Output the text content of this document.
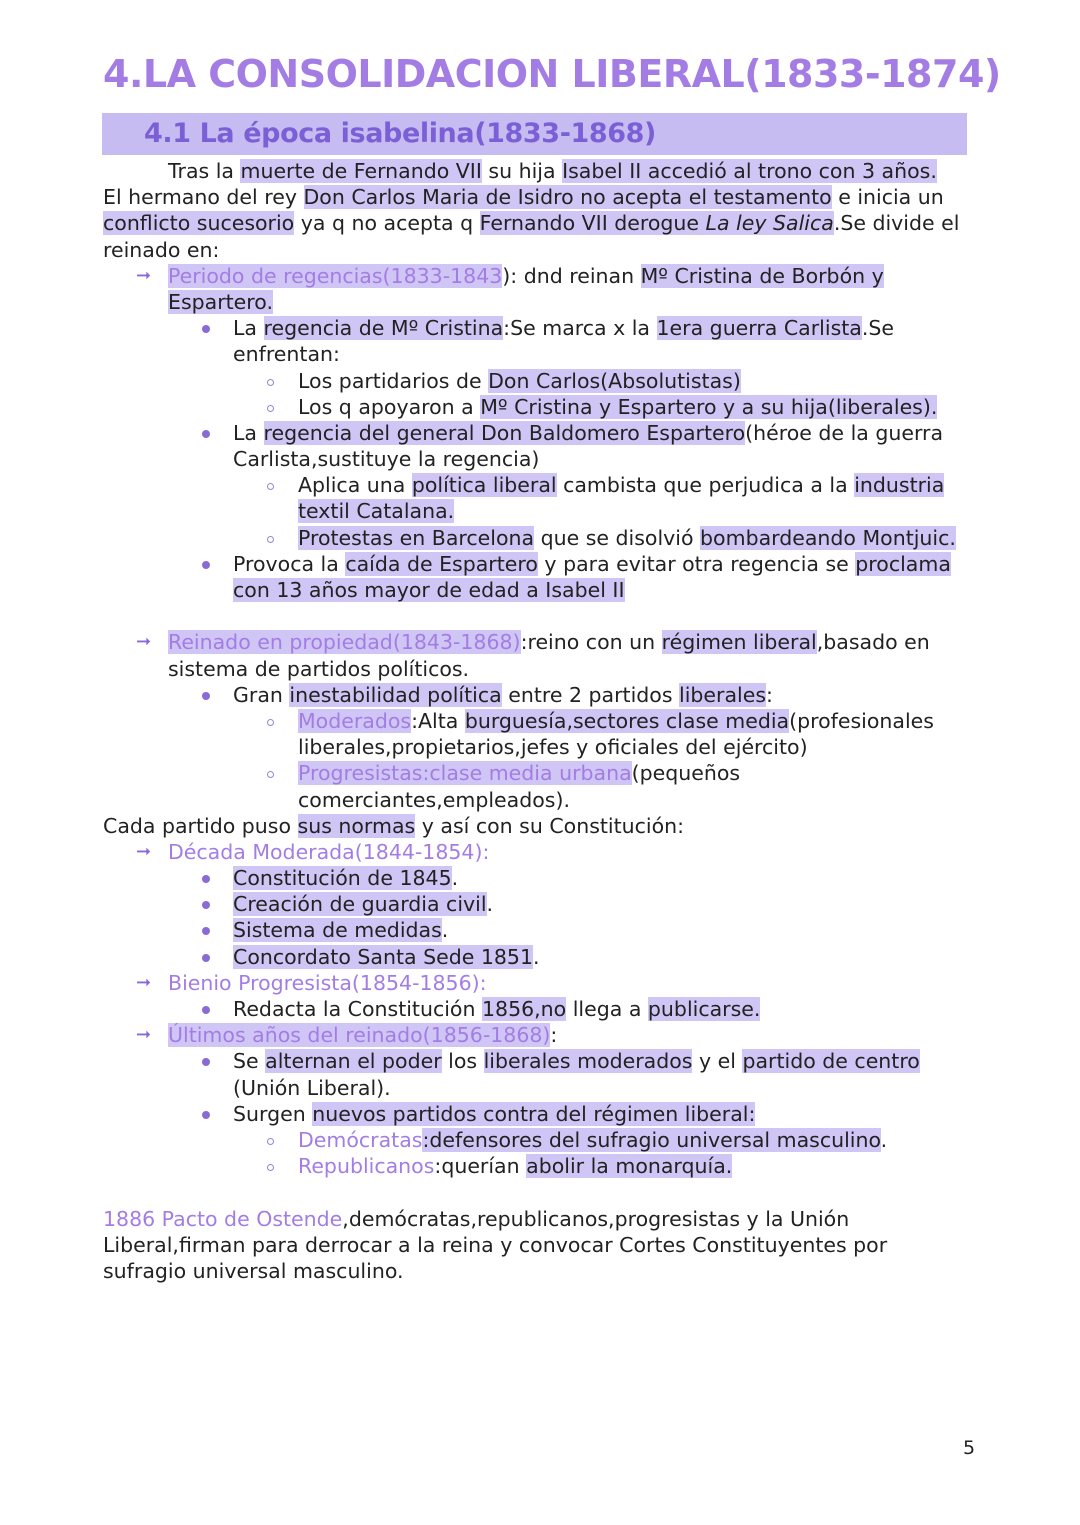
4.LA CONSOLIDACION LIBERAL(1833-1874)
4.1 La época isabelina(1833-1868)
Tras la muerte de Fernando VII su hija Isabel II accedió al trono con 3 años.
El hermano del rey Don Carlos Maria de Isidro no acepta el testamento e inicia un
conflicto sucesorio ya q no acepta q Fernando VII derogue La ley Salica.Se divide el
reinado en:
➞ Periodo de regencias(1833-1843): dnd reinan Mº Cristina de Borbón y
Espartero.
La regencia de Mº Cristina:Se marca x la 1era guerra Carlista.Se
enfrentan:
Los partidarios de Don Carlos(Absolutistas)
Los q apoyaron a Mº Cristina y Espartero y a su hija(liberales).
La regencia del general Don Baldomero Espartero(héroe de la guerra
Carlista,sustituye la regencia)
Aplica una política liberal cambista que perjudica a la industria
textil Catalana.
Protestas en Barcelona que se disolvió bombardeando Montjuic.
Provoca la caída de Espartero y para evitar otra regencia se proclama
con 13 años mayor de edad a Isabel II
➞ Reinado en propiedad(1843-1868):reino con un régimen liberal,basado en
sistema de partidos políticos.
Gran inestabilidad política entre 2 partidos liberales:
Moderados:Alta burguesía,sectores clase media(profesionales
liberales,propietarios,jefes y oficiales del ejército)
Progresistas:clase media urbana(pequeños
comerciantes,empleados).
Cada partido puso sus normas y así con su Constitución:
➞ Década Moderada(1844-1854):
Constitución de 1845.
Creación de guardia civil.
Sistema de medidas.
Concordato Santa Sede 1851.
➞ Bienio Progresista(1854-1856):
Redacta la Constitución 1856,no llega a publicarse.
➞ Últimos años del reinado(1856-1868):
Se alternan el poder los liberales moderados y el partido de centro
(Unión Liberal).
Surgen nuevos partidos contra del régimen liberal:
Demócratas:defensores del sufragio universal masculino.
Republicanos:querían abolir la monarquía.
1886 Pacto de Ostende,demócratas,republicanos,progresistas y la Unión
Liberal,firman para derrocar a la reina y convocar Cortes Constituyentes por
sufragio universal masculino.
5
